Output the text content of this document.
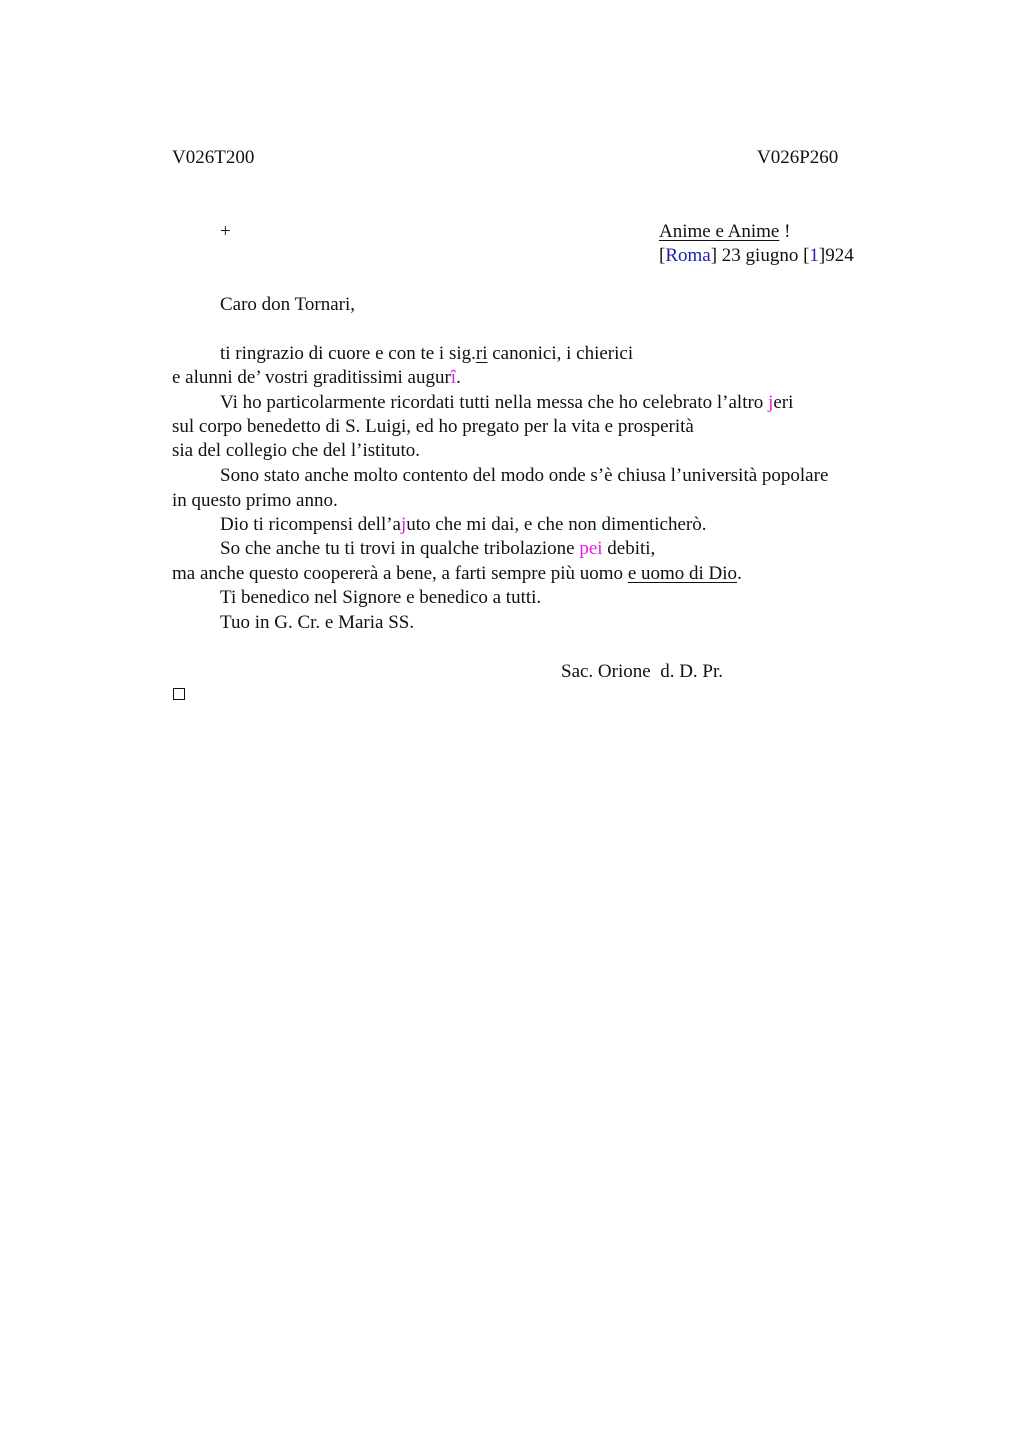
V026T200	V026P260
+	Anime e Anime !
[Roma] 23 giugno [1]924
Caro don Tornari,
ti ringrazio di cuore e con te i sig.ri canonici, i chierici
e alunni de’ vostri graditissimi augurî.
Vi ho particolarmente ricordati tutti nella messa che ho celebrato l’altro jeri
sul corpo benedetto di S. Luigi, ed ho pregato per la vita e prosperità
sia del collegio che del l’istituto.
Sono stato anche molto contento del modo onde s’è chiusa l’università popolare
in questo primo anno.
Dio ti ricompensi dell’ajuto che mi dai, e che non dimenticherò.
So che anche tu ti trovi in qualche tribolazione pei debiti,
ma anche questo coopererà a bene, a farti sempre più uomo e uomo di Dio.
Ti benedico nel Signore e benedico a tutti.
Tuo in G. Cr. e Maria SS.
Sac. Orione  d. D. Pr.
